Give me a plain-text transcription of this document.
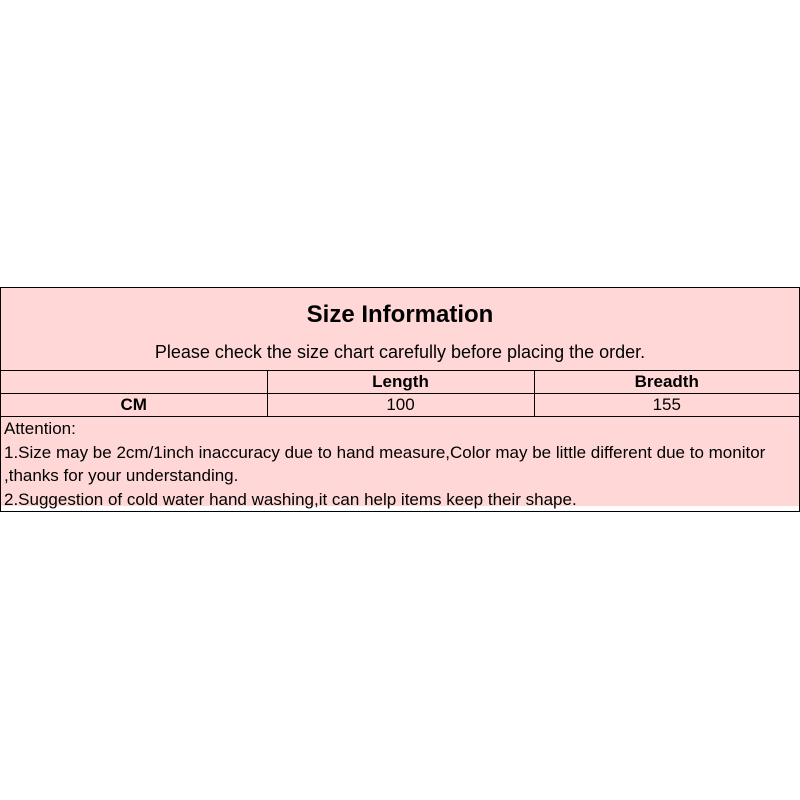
Size Information
Please check the size chart carefully before placing the order.
	Length	Breadth
CM	100	155
Attention:
1.Size may be 2cm/1inch inaccuracy due to hand measure,Color may be little different due to monitor ,thanks for your understanding.
2.Suggestion of cold water hand washing,it can help items keep their shape.
